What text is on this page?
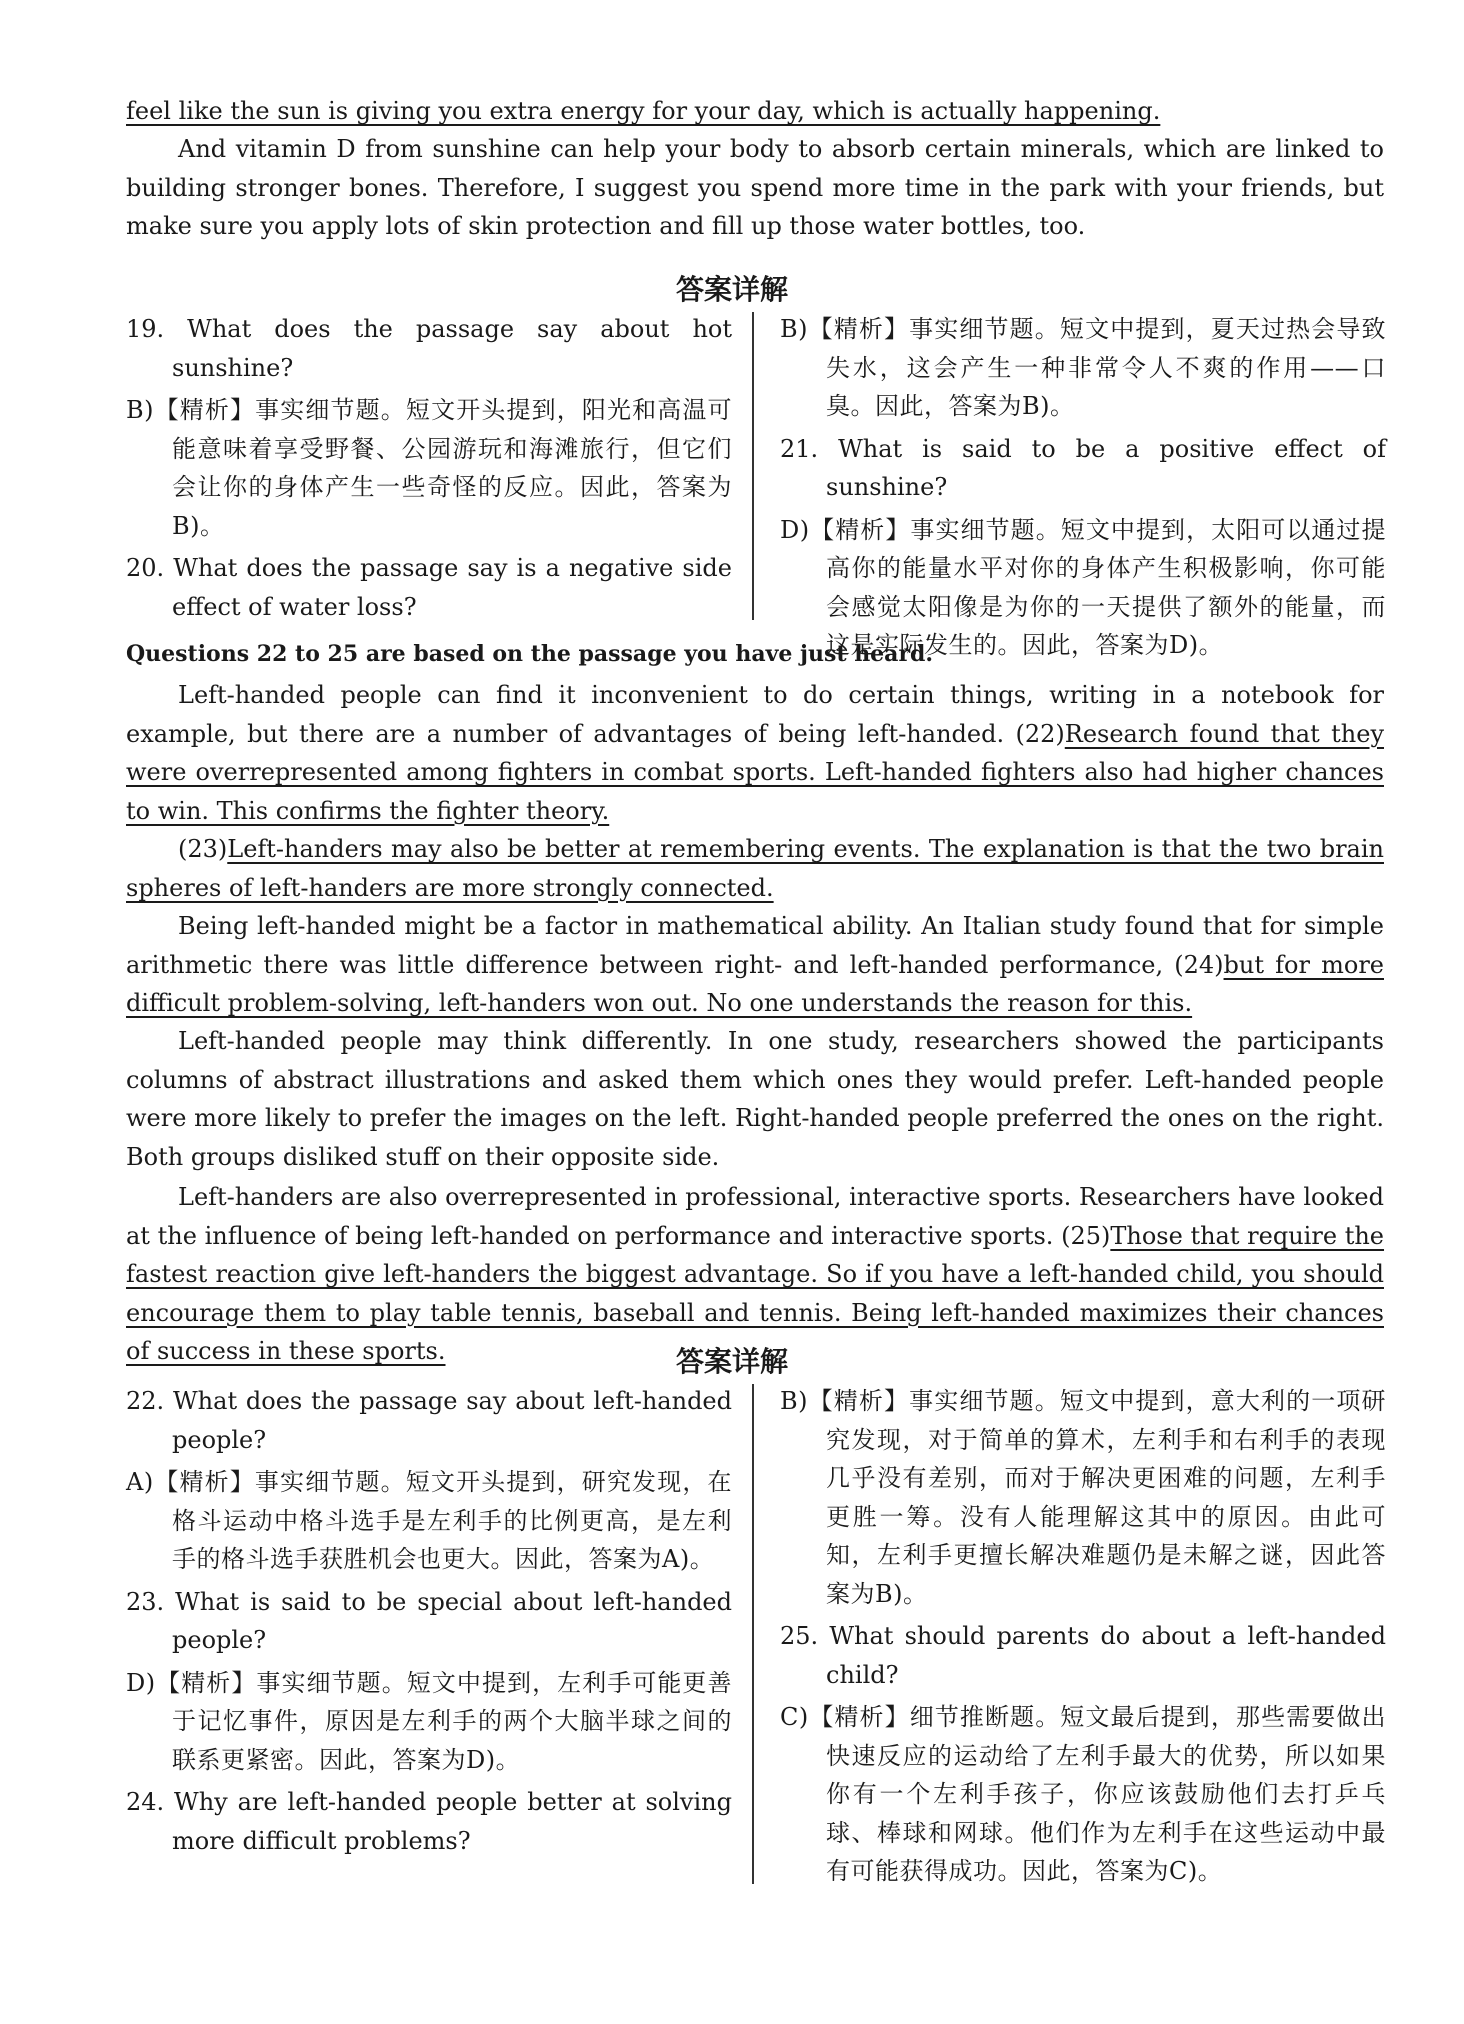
feel like the sun is giving you extra energy for your day, which is actually happening.

And vitamin D from sunshine can help your body to absorb certain minerals, which are linked to building stronger bones. Therefore, I suggest you spend more time in the park with your friends, but make sure you apply lots of skin protection and fill up those water bottles, too.

答案详解

19. What does the passage say about hot sunshine?

B)【精析】事实细节题。短文开头提到，阳光和高温可能意味着享受野餐、公园游玩和海滩旅行，但它们会让你的身体产生一些奇怪的反应。因此，答案为B)。

20. What does the passage say is a negative side effect of water loss?

B)【精析】事实细节题。短文中提到，夏天过热会导致失水，这会产生一种非常令人不爽的作用——口臭。因此，答案为B)。

21. What is said to be a positive effect of sunshine?

D)【精析】事实细节题。短文中提到，太阳可以通过提高你的能量水平对你的身体产生积极影响，你可能会感觉太阳像是为你的一天提供了额外的能量，而这是实际发生的。因此，答案为D)。

Questions 22 to 25 are based on the passage you have just heard.

Left-handed people can find it inconvenient to do certain things, writing in a notebook for example, but there are a number of advantages of being left-handed. (22)Research found that they were overrepresented among fighters in combat sports. Left-handed fighters also had higher chances to win. This confirms the fighter theory.

(23)Left-handers may also be better at remembering events. The explanation is that the two brain spheres of left-handers are more strongly connected.

Being left-handed might be a factor in mathematical ability. An Italian study found that for simple arithmetic there was little difference between right- and left-handed performance, (24)but for more difficult problem-solving, left-handers won out. No one understands the reason for this.

Left-handed people may think differently. In one study, researchers showed the participants columns of abstract illustrations and asked them which ones they would prefer. Left-handed people were more likely to prefer the images on the left. Right-handed people preferred the ones on the right. Both groups disliked stuff on their opposite side.

Left-handers are also overrepresented in professional, interactive sports. Researchers have looked at the influence of being left-handed on performance and interactive sports. (25)Those that require the fastest reaction give left-handers the biggest advantage. So if you have a left-handed child, you should encourage them to play table tennis, baseball and tennis. Being left-handed maximizes their chances of success in these sports.	答案详解

22. What does the passage say about left-handed people?

A)【精析】事实细节题。短文开头提到，研究发现，在格斗运动中格斗选手是左利手的比例更高，是左利手的格斗选手获胜机会也更大。因此，答案为A)。

23. What is said to be special about left-handed people?

D)【精析】事实细节题。短文中提到，左利手可能更善于记忆事件，原因是左利手的两个大脑半球之间的联系更紧密。因此，答案为D)。

24. Why are left-handed people better at solving more difficult problems?

B)【精析】事实细节题。短文中提到，意大利的一项研究发现，对于简单的算术，左利手和右利手的表现几乎没有差别，而对于解决更困难的问题，左利手更胜一筹。没有人能理解这其中的原因。由此可知，左利手更擅长解决难题仍是未解之谜，因此答案为B)。

25. What should parents do about a left-handed child?

C)【精析】细节推断题。短文最后提到，那些需要做出快速反应的运动给了左利手最大的优势，所以如果你有一个左利手孩子，你应该鼓励他们去打乒乓球、棒球和网球。他们作为左利手在这些运动中最有可能获得成功。因此，答案为C)。
